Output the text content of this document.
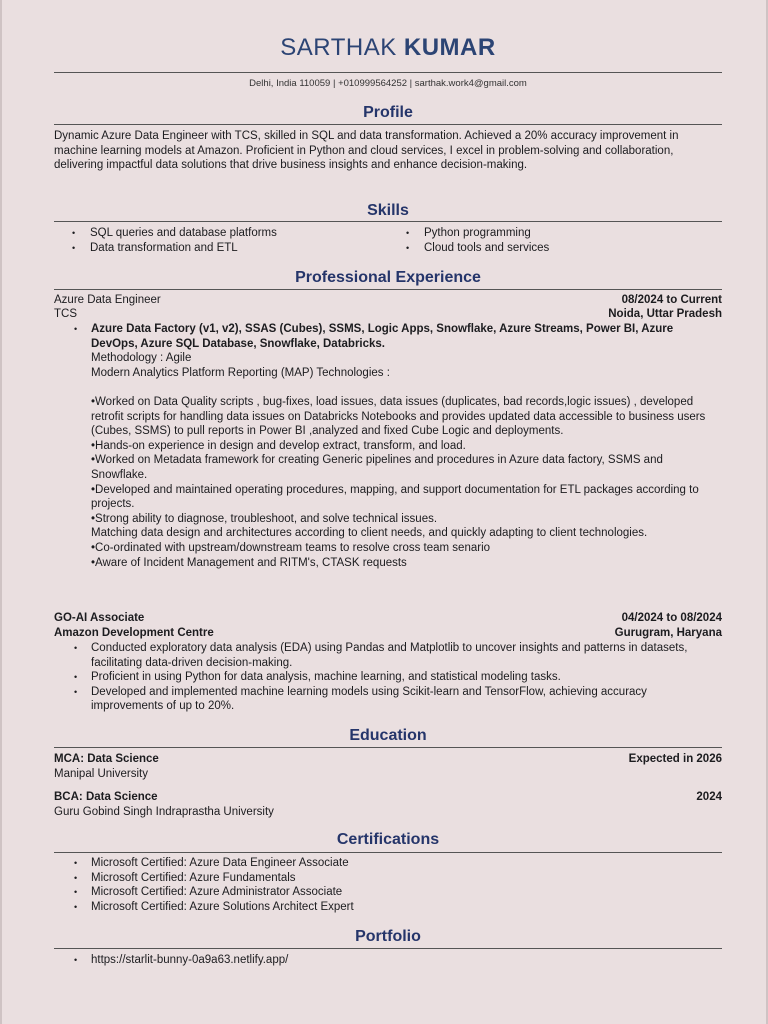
SARTHAK KUMAR
Delhi, India 110059 | +010999564252 | sarthak.work4@gmail.com
Profile
Dynamic Azure Data Engineer with TCS, skilled in SQL and data transformation. Achieved a 20% accuracy improvement in machine learning models at Amazon. Proficient in Python and cloud services, I excel in problem-solving and collaboration, delivering impactful data solutions that drive business insights and enhance decision-making.
Skills
• SQL queries and database platforms
• Data transformation and ETL
• Python programming
• Cloud tools and services
Professional Experience
Azure Data Engineer	08/2024 to Current
TCS	Noida, Uttar Pradesh

• Azure Data Factory (v1, v2), SSAS (Cubes), SSMS, Logic Apps, Snowflake, Azure Streams, Power BI, Azure DevOps, Azure SQL Database, Snowflake, Databricks.

Methodology : Agile

Modern Analytics Platform Reporting (MAP) Technologies :

•Worked on Data Quality scripts , bug-fixes, load issues, data issues (duplicates, bad records,logic issues) , developed retrofit scripts for handling data issues on Databricks Notebooks and provides updated data accessible to business users (Cubes, SSMS) to pull reports in Power BI ,analyzed and fixed Cube Logic and deployments.

•Hands-on experience in design and develop extract, transform, and load.

•Worked on Metadata framework for creating Generic pipelines and procedures in Azure data factory, SSMS and Snowflake.

•Developed and maintained operating procedures, mapping, and support documentation for ETL packages according to projects.

•Strong ability to diagnose, troubleshoot, and solve technical issues.

Matching data design and architectures according to client needs, and quickly adapting to client technologies.

•Co-ordinated with upstream/downstream teams to resolve cross team senario

•Aware of Incident Management and RITM's, CTASK requests

GO-AI Associate	04/2024 to 08/2024
Amazon Development Centre	Gurugram, Haryana
• Conducted exploratory data analysis (EDA) using Pandas and Matplotlib to uncover insights and patterns in datasets, facilitating data-driven decision-making.
• Proficient in using Python for data analysis, machine learning, and statistical modeling tasks.
• Developed and implemented machine learning models using Scikit-learn and TensorFlow, achieving accuracy improvements of up to 20%.
Education
MCA: Data Science	Expected in 2026
Manipal University
BCA: Data Science	2024
Guru Gobind Singh Indraprastha University
Certifications
• Microsoft Certified: Azure Data Engineer Associate
• Microsoft Certified: Azure Fundamentals
• Microsoft Certified: Azure Administrator Associate
• Microsoft Certified: Azure Solutions Architect Expert
Portfolio
• https://starlit-bunny-0a9a63.netlify.app/
